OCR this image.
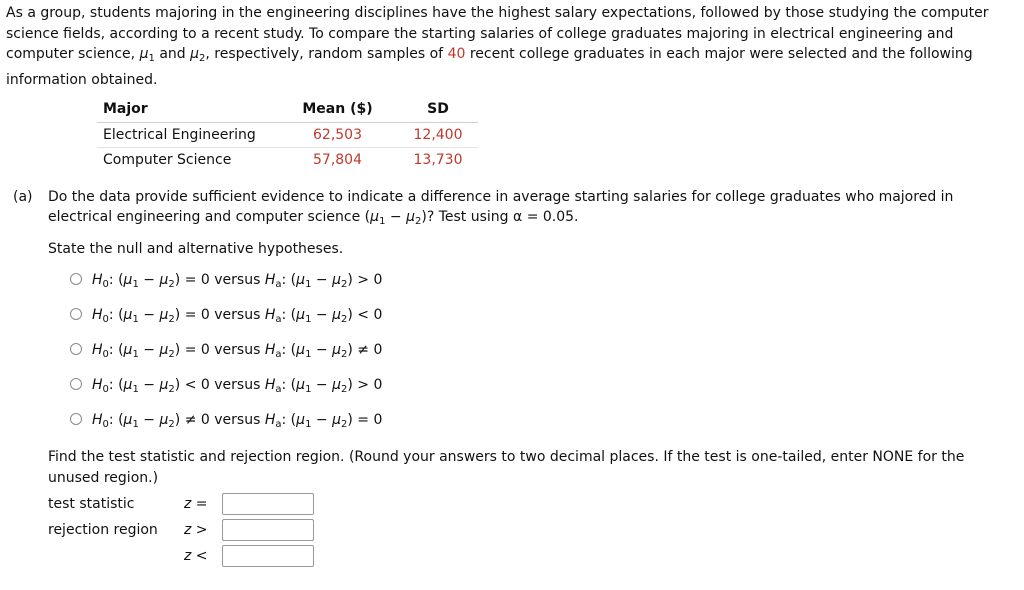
As a group, students majoring in the engineering disciplines have the highest salary expectations, followed by those studying the computer science fields, according to a recent study. To compare the starting salaries of college graduates majoring in electrical engineering and computer science, $\mu_1$ and $\mu_2$, respectively, random samples of 40 recent college graduates in each major were selected and the following information obtained.
Major	Mean ($)	SD
Electrical Engineering	62,503	12,400
Computer Science	57,804	13,730
(a) Do the data provide sufficient evidence to indicate a difference in average starting salaries for college graduates who majored in electrical engineering and computer science $(\mu_1 - \mu_2)$? Test using α = 0.05.
State the null and alternative hypotheses.
$H_0$: $(\mu_1 - \mu_2) = 0$ versus $H_a$: $(\mu_1 - \mu_2) > 0$
$H_0$: $(\mu_1 - \mu_2) = 0$ versus $H_a$: $(\mu_1 - \mu_2) < 0$
$H_0$: $(\mu_1 - \mu_2) = 0$ versus $H_a$: $(\mu_1 - \mu_2) \ne 0$
$H_0$: $(\mu_1 - \mu_2) < 0$ versus $H_a$: $(\mu_1 - \mu_2) > 0$
$H_0$: $(\mu_1 - \mu_2) \ne 0$ versus $H_a$: $(\mu_1 - \mu_2) = 0$
Find the test statistic and rejection region. (Round your answers to two decimal places. If the test is one-tailed, enter NONE for the unused region.)
test statistic	z =
rejection region	z >
z <
